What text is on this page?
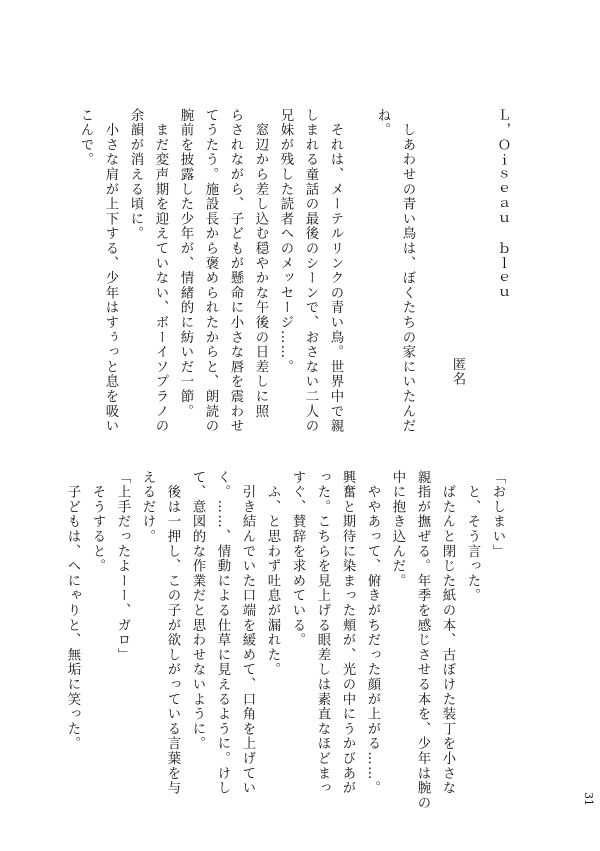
Ｌ，Ｏｉｓｅａｕ　ｂｌｅｕ
匿名
　しあわせの青い鳥は、ぼくたちの家にいたんだ
ね。
　それは、メーテルリンクの青い鳥。世界中で親
しまれる童話の最後のシーンで、おさない二人の
兄妹が残した読者へのメッセージ……。
　窓辺から差し込む穏やかな午後の日差しに照
らされながら、子どもが懸命に小さな唇を震わせ
てうたう。施設長から褒められたからと、朗読の
腕前を披露した少年が、情緒的に紡いだ一節。
　まだ変声期を迎えていない、ボーイソプラノの
余韻が消える頃に。
　小さな肩が上下する、少年はすぅっと息を吸い
こんで。
「おしまい」
　と、そう言った。
　ぱたんと閉じた紙の本、古ぼけた装丁を小さな
親指が撫ぜる。年季を感じさせる本を、少年は腕の
中に抱き込んだ。
　ややあって、俯きがちだった顔が上がる……。
興奮と期待に染まった頬が、光の中にうかびあが
った。こちらを見上げる眼差しは素直なほどまっ
すぐ、賛辞を求めている。
　ふ、と思わず吐息が漏れた。
　引き結んでいた口端を緩めて、口角を上げてい
く。……、情動による仕草に見えるように。けし
て、意図的な作業だと思わせないように。
　後は一押し、この子が欲しがっている言葉を与
えるだけ。
「上手だったよーー、ガロ」
　そうすると。
　子どもは、へにゃりと、無垢に笑った。
31
